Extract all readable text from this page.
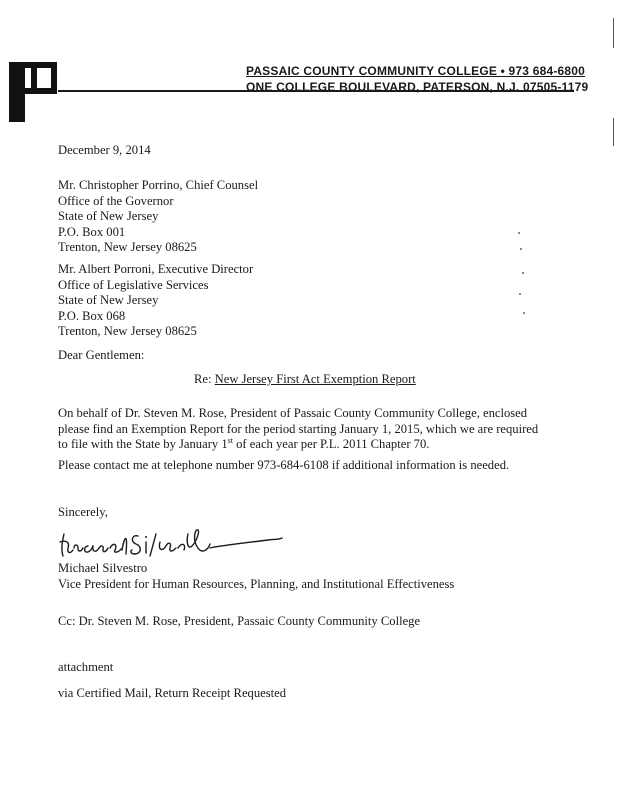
PASSAIC COUNTY COMMUNITY COLLEGE • 973 684-6800
ONE COLLEGE BOULEVARD, PATERSON, N.J. 07505-1179
December 9, 2014
Mr. Christopher Porrino, Chief Counsel
Office of the Governor
State of New Jersey
P.O. Box 001
Trenton, New Jersey 08625
Mr. Albert Porroni, Executive Director
Office of Legislative Services
State of New Jersey
P.O. Box 068
Trenton, New Jersey 08625
Dear Gentlemen:
Re: New Jersey First Act Exemption Report
On behalf of Dr. Steven M. Rose, President of Passaic County Community College, enclosed
please find an Exemption Report for the period starting January 1, 2015, which we are required
to file with the State by January 1st of each year per P.L. 2011 Chapter 70.
Please contact me at telephone number 973-684-6108 if additional information is needed.
Sincerely,
Michael Silvestro
Vice President for Human Resources, Planning, and Institutional Effectiveness
Cc: Dr. Steven M. Rose, President, Passaic County Community College
attachment
via Certified Mail, Return Receipt Requested
